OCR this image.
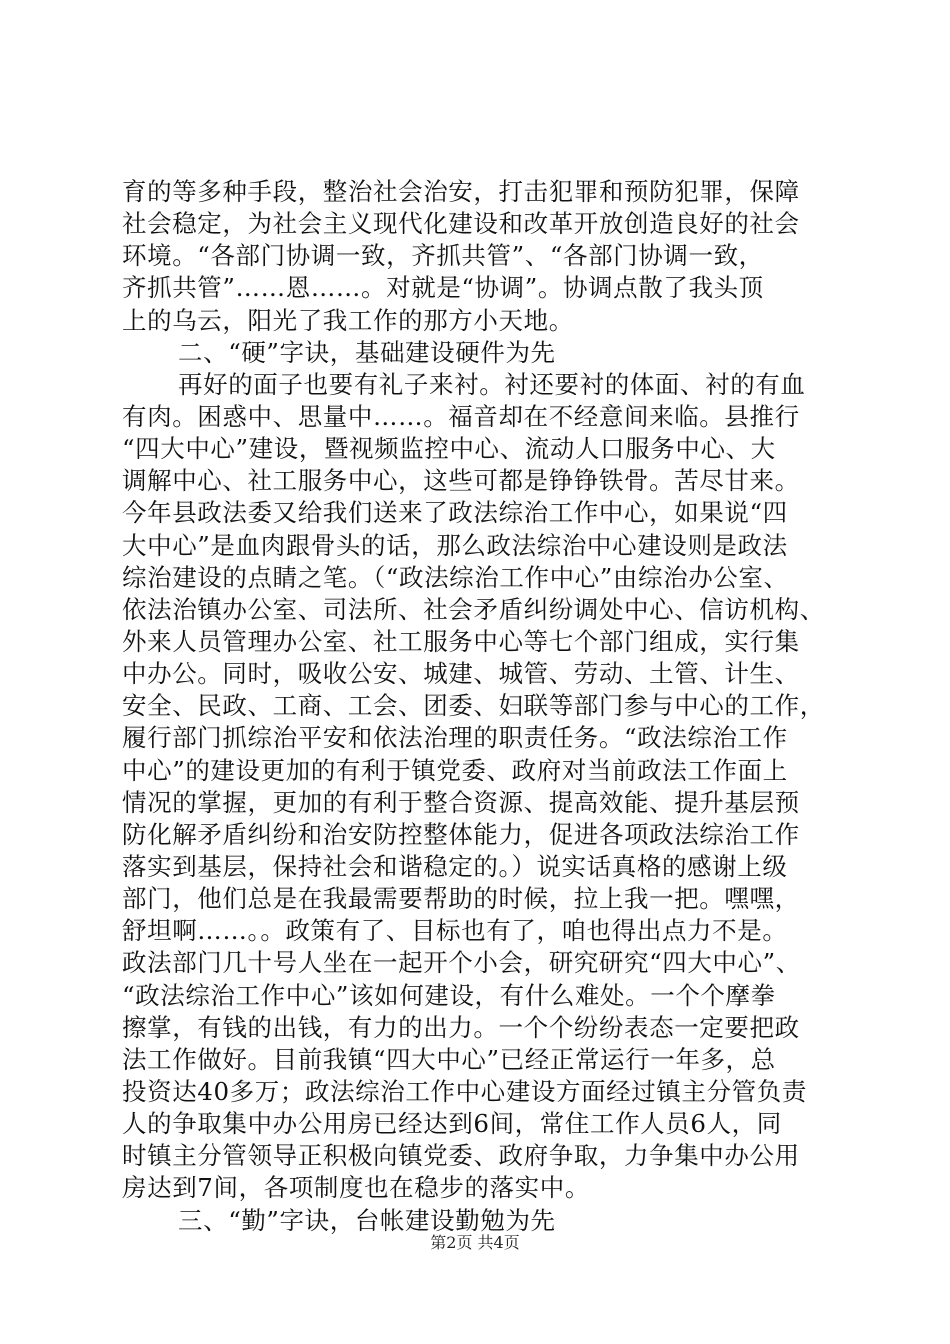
育的等多种手段，整治社会治安，打击犯罪和预防犯罪，保障
社会稳定，为社会主义现代化建设和改革开放创造良好的社会
环境。“各部门协调一致，齐抓共管”、“各部门协调一致，
齐抓共管”……恩……。对就是“协调”。协调点散了我头顶
上的乌云，阳光了我工作的那方小天地。
二、“硬”字诀，基础建设硬件为先
再好的面子也要有礼子来衬。衬还要衬的体面、衬的有血
有肉。困惑中、思量中……。福音却在不经意间来临。县推行
“四大中心”建设，暨视频监控中心、流动人口服务中心、大
调解中心、社工服务中心，这些可都是铮铮铁骨。苦尽甘来。
今年县政法委又给我们送来了政法综治工作中心，如果说“四
大中心”是血肉跟骨头的话，那么政法综治中心建设则是政法
综治建设的点睛之笔。（“政法综治工作中心”由综治办公室、
依法治镇办公室、司法所、社会矛盾纠纷调处中心、信访机构、
外来人员管理办公室、社工服务中心等七个部门组成，实行集
中办公。同时，吸收公安、城建、城管、劳动、土管、计生、
安全、民政、工商、工会、团委、妇联等部门参与中心的工作，
履行部门抓综治平安和依法治理的职责任务。“政法综治工作
中心”的建设更加的有利于镇党委、政府对当前政法工作面上
情况的掌握，更加的有利于整合资源、提高效能、提升基层预
防化解矛盾纠纷和治安防控整体能力，促进各项政法综治工作
落实到基层，保持社会和谐稳定的。）说实话真格的感谢上级
部门，他们总是在我最需要帮助的时候，拉上我一把。嘿嘿，
舒坦啊……。。政策有了、目标也有了，咱也得出点力不是。
政法部门几十号人坐在一起开个小会，研究研究“四大中心”、
“政法综治工作中心”该如何建设，有什么难处。一个个摩拳
擦掌，有钱的出钱，有力的出力。一个个纷纷表态一定要把政
法工作做好。目前我镇“四大中心”已经正常运行一年多，总
投资达40多万；政法综治工作中心建设方面经过镇主分管负责
人的争取集中办公用房已经达到6间，常住工作人员6人，同
时镇主分管领导正积极向镇党委、政府争取，力争集中办公用
房达到7间，各项制度也在稳步的落实中。
三、“勤”字诀，台帐建设勤勉为先
第2页 共4页
